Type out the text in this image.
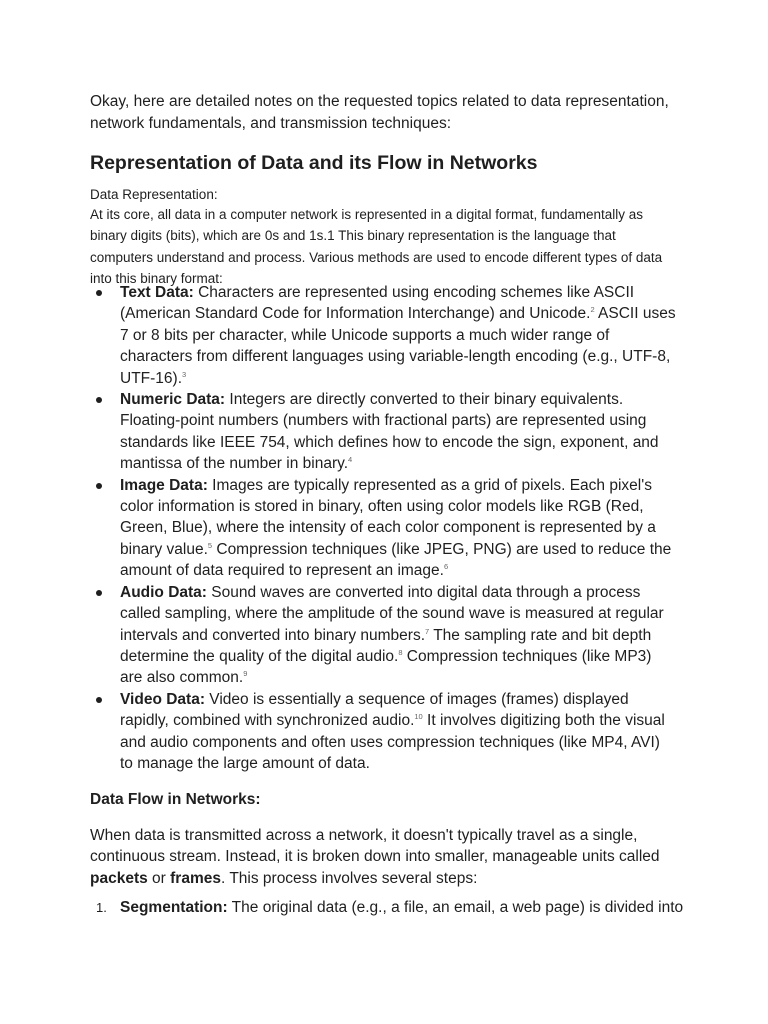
Okay, here are detailed notes on the requested topics related to data representation, network fundamentals, and transmission techniques:
Representation of Data and its Flow in Networks
Data Representation:
At its core, all data in a computer network is represented in a digital format, fundamentally as binary digits (bits), which are 0s and 1s.1 This binary representation is the language that computers understand and process. Various methods are used to encode different types of data into this binary format:
Text Data: Characters are represented using encoding schemes like ASCII (American Standard Code for Information Interchange) and Unicode.$^2$ ASCII uses 7 or 8 bits per character, while Unicode supports a much wider range of characters from different languages using variable-length encoding (e.g., UTF-8, UTF-16).$^3$
Numeric Data: Integers are directly converted to their binary equivalents. Floating-point numbers (numbers with fractional parts) are represented using standards like IEEE 754, which defines how to encode the sign, exponent, and mantissa of the number in binary.$^4$
Image Data: Images are typically represented as a grid of pixels. Each pixel's color information is stored in binary, often using color models like RGB (Red, Green, Blue), where the intensity of each color component is represented by a binary value.$^5$ Compression techniques (like JPEG, PNG) are used to reduce the amount of data required to represent an image.$^6$
Audio Data: Sound waves are converted into digital data through a process called sampling, where the amplitude of the sound wave is measured at regular intervals and converted into binary numbers.$^7$ The sampling rate and bit depth determine the quality of the digital audio.$^8$ Compression techniques (like MP3) are also common.$^9$
Video Data: Video is essentially a sequence of images (frames) displayed rapidly, combined with synchronized audio.$^{10}$ It involves digitizing both the visual and audio components and often uses compression techniques (like MP4, AVI) to manage the large amount of data.
Data Flow in Networks:
When data is transmitted across a network, it doesn't typically travel as a single, continuous stream. Instead, it is broken down into smaller, manageable units called packets or frames. This process involves several steps:
1. Segmentation: The original data (e.g., a file, an email, a web page) is divided into
